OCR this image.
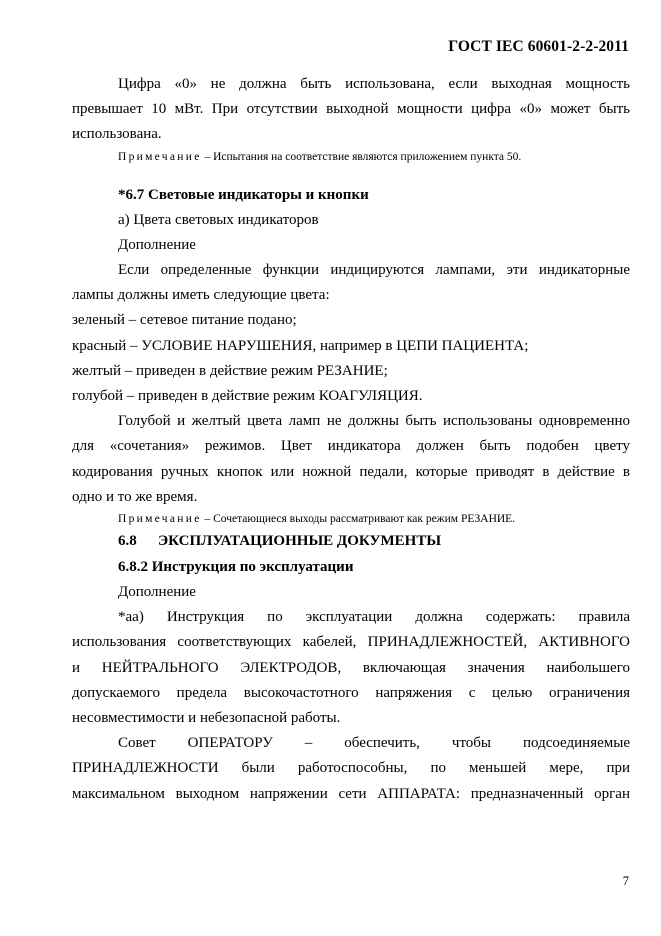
ГОСТ IEC 60601-2-2-2011

Цифра «0» не должна быть использована, если выходная мощность

превышает 10 мВт. При отсутствии выходной мощности цифра «0» может быть

использована.

Примечание – Испытания на соответствие являются приложением пункта 50.

*6.7 Световые индикаторы и кнопки

а) Цвета световых индикаторов

Дополнение

Если определенные функции индицируются лампами, эти индикаторные

лампы должны иметь следующие цвета:

зеленый – сетевое питание подано;

красный – УСЛОВИЕ НАРУШЕНИЯ, например в ЦЕПИ ПАЦИЕНТА;

желтый – приведен в действие режим РЕЗАНИЕ;

голубой – приведен в действие режим КОАГУЛЯЦИЯ.

Голубой и желтый цвета ламп не должны быть использованы одновременно

для «сочетания» режимов. Цвет индикатора должен быть подобен цвету

кодирования ручных кнопок или ножной педали, которые приводят в действие в

одно и то же время.

Примечание – Сочетающиеся выходы рассматривают как режим РЕЗАНИЕ.

6.8 ЭКСПЛУАТАЦИОННЫЕ ДОКУМЕНТЫ

6.8.2 Инструкция по эксплуатации

Дополнение

*аа) Инструкция по эксплуатации должна содержать: правила

использования соответствующих кабелей, ПРИНАДЛЕЖНОСТЕЙ, АКТИВНОГО

и НЕЙТРАЛЬНОГО ЭЛЕКТРОДОВ, включающая значения наибольшего

допускаемого предела высокочастотного напряжения с целью ограничения

несовместимости и небезопасной работы.

Совет ОПЕРАТОРУ – обеспечить, чтобы подсоединяемые

ПРИНАДЛЕЖНОСТИ были работоспособны, по меньшей мере, при

максимальном выходном напряжении сети АППАРАТА: предназначенный орган

7
